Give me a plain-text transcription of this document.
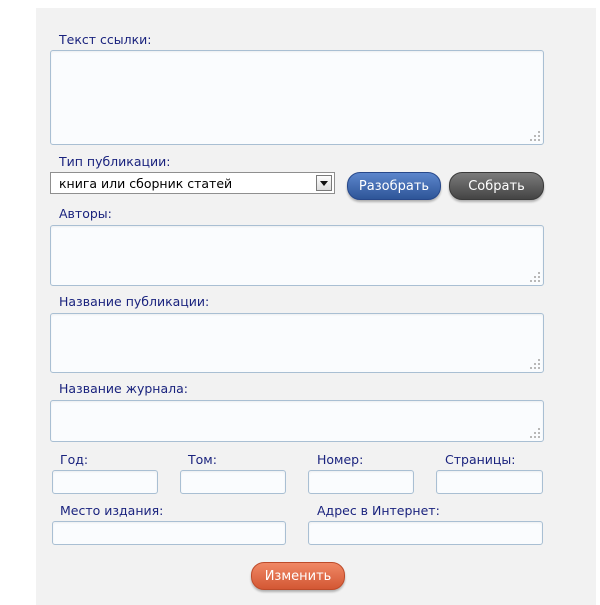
Текст ссылки:
Тип публикации:
книга или сборник статей	Разобрать	Собрать
Авторы:
Название публикации:
Название журнала:
Год:	Том:	Номер:	Страницы:
Место издания:	Адрес в Интернет:
Изменить
